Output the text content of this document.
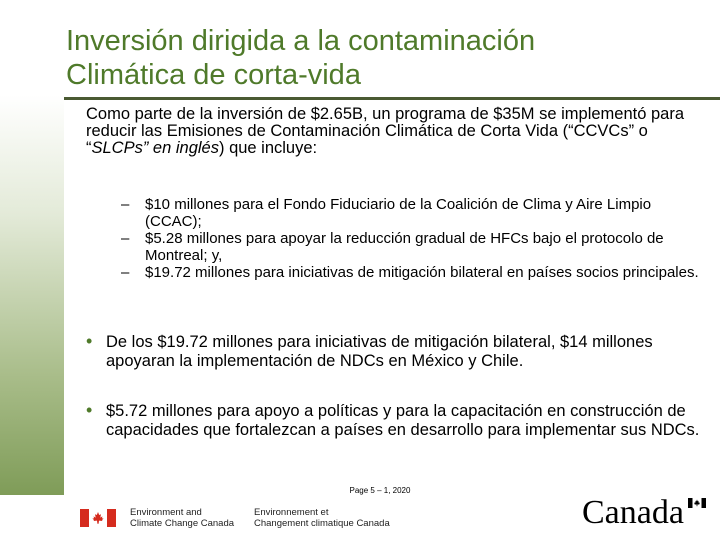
Inversión dirigida a la contaminación
Climática de corta-vida
Como parte de la inversión de $2.65B, un programa de $35M se implementó para reducir las Emisiones de Contaminación Climática de Corta Vida (“CCVCs” o “SLCPs” en inglés) que incluye:
– $10 millones para el Fondo Fiduciario de la Coalición de Clima y Aire Limpio (CCAC);
– $5.28 millones para apoyar la reducción gradual de HFCs bajo el protocolo de Montreal; y,
– $19.72 millones para iniciativas de mitigación bilateral en países socios principales.
• De los $19.72 millones para iniciativas de mitigación bilateral, $14 millones apoyaran la implementación de NDCs en México y Chile.
• $5.72 millones para apoyo a políticas y para la capacitación en construcción de capacidades que fortalezcan a países en desarrollo para implementar sus NDCs.
Page 5 – 1, 2020
Environment and
Climate Change Canada
Environnement et
Changement climatique Canada	Canada
